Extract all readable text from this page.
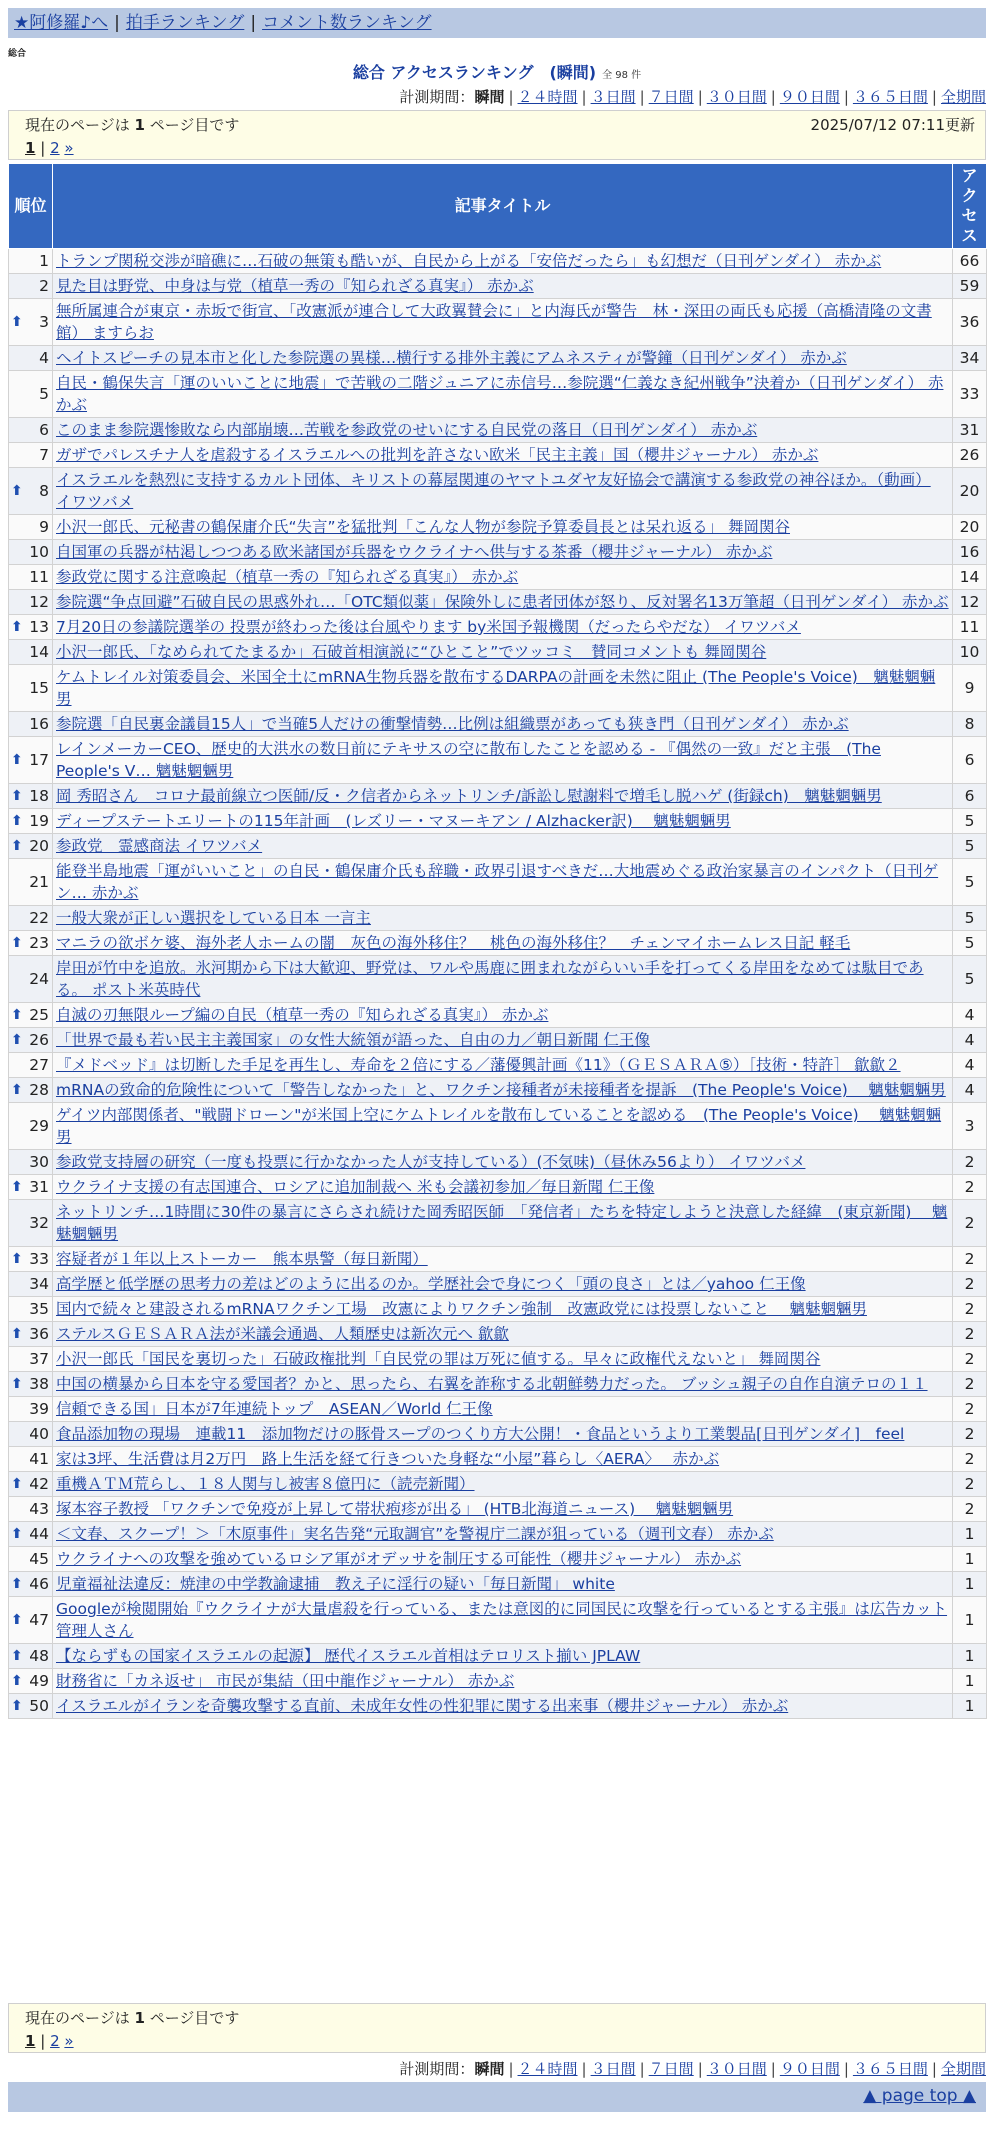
★阿修羅♪へ | 拍手ランキング | コメント数ランキング
総合
総合 アクセスランキング　(瞬間) 全 98 件
計測期間：瞬間 | ２４時間 | ３日間 | ７日間 | ３０日間 | ９０日間 | ３６５日間 | 全期間
現在のページは 1 ページ目です	2025/07/12 07:11更新
1 | 2 »
順位	記事タイトル	アクセス
1	トランプ関税交渉が暗礁に…石破の無策も酷いが、自民から上がる「安倍だったら」も幻想だ（日刊ゲンダイ） 赤かぶ	66
2	見た目は野党、中身は与党（植草一秀の『知られざる真実』） 赤かぶ	59

⬆ 3	無所属連合が東京・赤坂で街宣、「改憲派が連合して大政翼賛会に」と内海氏が警告　林・深田の両氏も応援（高橋清隆の文書館） ますらお	36
4	ヘイトスピーチの見本市と化した参院選の異様…横行する排外主義にアムネスティが警鐘（日刊ゲンダイ） 赤かぶ	34
5	自民・鶴保失言「運のいいことに地震」で苦戦の二階ジュニアに赤信号…参院選“仁義なき紀州戦争”決着か（日刊ゲンダイ） 赤かぶ	33
6	このまま参院選惨敗なら内部崩壊…苦戦を参政党のせいにする自民党の落日（日刊ゲンダイ） 赤かぶ	31
7	ガザでパレスチナ人を虐殺するイスラエルへの批判を許さない欧米「民主主義」国（櫻井ジャーナル） 赤かぶ	26

⬆ 8	イスラエルを熱烈に支持するカルト団体、キリストの幕屋関連のヤマトユダヤ友好協会で講演する参政党の神谷ほか。（動画） イワツバメ	20
9	小沢一郎氏、元秘書の鶴保庸介氏“失言”を猛批判「こんな人物が参院予算委員長とは呆れ返る」 舞岡関谷	20
10	自国軍の兵器が枯渇しつつある欧米諸国が兵器をウクライナへ供与する茶番（櫻井ジャーナル） 赤かぶ	16
11	参政党に関する注意喚起（植草一秀の『知られざる真実』） 赤かぶ	14
12	参院選“争点回避”石破自民の思惑外れ…「OTC類似薬」保険外しに患者団体が怒り、反対署名13万筆超（日刊ゲンダイ） 赤かぶ	12

⬆ 13	7月20日の参議院選挙の 投票が終わった後は台風やります by米国予報機関（だったらやだな） イワツバメ	11
14	小沢一郎氏、「なめられてたまるか」石破首相演説に“ひとこと”でツッコミ　賛同コメントも 舞岡関谷	10
15	ケムトレイル対策委員会、米国全土にmRNA生物兵器を散布するDARPAの計画を未然に阻止 (The People's Voice)　魑魅魍魎男	9
16	参院選「自民裏金議員15人」で当確5人だけの衝撃情勢…比例は組織票があっても狭き門（日刊ゲンダイ） 赤かぶ	8

⬆ 17	レインメーカーCEO、歴史的大洪水の数日前にテキサスの空に散布したことを認める - 『偶然の一致』だと主張　(The People's V… 魑魅魍魎男	6

⬆ 18	岡 秀昭さん　コロナ最前線立つ医師/反・ク信者からネットリンチ/訴訟し慰謝料で増毛し脱ハゲ (街録ch)　魑魅魍魎男	6

⬆ 19	ディープステートエリートの115年計画　(レズリー・マヌーキアン / Alzhacker訳)　 魑魅魍魎男	5

⬆ 20	参政党　霊感商法 イワツバメ	5
21	能登半島地震「運がいいこと」の自民・鶴保庸介氏も辞職・政界引退すべきだ…大地震めぐる政治家暴言のインパクト（日刊ゲン… 赤かぶ	5
22	一般大衆が正しい選択をしている日本 一言主	5

⬆ 23	マニラの欲ボケ婆、海外老人ホームの闇　灰色の海外移住？　桃色の海外移住？　チェンマイホームレス日記 軽毛	5
24	岸田が竹中を追放。氷河期から下は大歓迎、野党は、ワルや馬鹿に囲まれながらいい手を打ってくる岸田をなめては駄目である。 ポスト米英時代	5

⬆ 25	自滅の刃無限ループ編の自民（植草一秀の『知られざる真実』） 赤かぶ	4

⬆ 26	「世界で最も若い民主主義国家」の女性大統領が語った、自由の力／朝日新聞 仁王像	4
27	『メドベッド』は切断した手足を再生し、寿命を２倍にする／藩優興計画《11》（ＧＥＳＡＲＡ⑤）［技術・特許］ 歙歙２	4

⬆ 28	mRNAの致命的危険性について「警告しなかった」と、ワクチン接種者が未接種者を提訴　(The People's Voice)　 魑魅魍魎男	4
29	ゲイツ内部関係者、"戦闘ドローン"が米国上空にケムトレイルを散布していることを認める　(The People's Voice)　 魑魅魍魎男	3
30	参政党支持層の研究（一度も投票に行かなかった人が支持している）(不気味)（昼休み56より） イワツバメ	2

⬆ 31	ウクライナ支援の有志国連合、ロシアに追加制裁へ 米も会議初参加／毎日新聞 仁王像	2
32	ネットリンチ…1時間に30件の暴言にさらされ続けた岡秀昭医師　「発信者」たちを特定しようと決意した経緯　(東京新聞)　 魑魅魍魎男	2

⬆ 33	容疑者が１年以上ストーカー　熊本県警（毎日新聞）	2
34	高学歴と低学歴の思考力の差はどのように出るのか。学歴社会で身につく「頭の良さ」とは／yahoo 仁王像	2
35	国内で続々と建設されるmRNAワクチン工場　改憲によりワクチン強制　改憲政党には投票しないこと　 魑魅魍魎男	2

⬆ 36	ステルスＧＥＳＡＲＡ法が米議会通過、人類歴史は新次元へ 歙歙	2
37	小沢一郎氏「国民を裏切った」石破政権批判「自民党の罪は万死に値する。早々に政権代えないと」 舞岡関谷	2

⬆ 38	中国の横暴から日本を守る愛国者？かと、思ったら、右翼を詐称する北朝鮮勢力だった。 ブッシュ親子の自作自演テロの１１	2
39	信頼できる国」日本が7年連続トップ　ASEAN／World 仁王像	2
40	食品添加物の現場　連載11　添加物だけの豚骨スープのつくり方大公開！・食品というより工業製品[日刊ゲンダイ]　feel	2
41	家は3坪、生活費は月2万円　路上生活を経て行きついた身軽な“小屋”暮らし〈AERA〉　 赤かぶ	2

⬆ 42	重機ＡＴＭ荒らし、１８人関与し被害８億円に（読売新聞）	2
43	塚本容子教授 「ワクチンで免疫が上昇して帯状疱疹が出る」 (HTB北海道ニュース)　 魑魅魍魎男	2

⬆ 44	＜文春、スクープ！＞「木原事件」実名告発“元取調官”を警視庁二課が狙っている（週刊文春） 赤かぶ	1
45	ウクライナへの攻撃を強めているロシア軍がオデッサを制圧する可能性（櫻井ジャーナル） 赤かぶ	1

⬆ 46	児童福祉法違反：焼津の中学教諭逮捕　教え子に淫行の疑い「毎日新聞」 white	1

⬆ 47	Googleが検閲開始『ウクライナが大量虐殺を行っている、または意図的に同国民に攻撃を行っているとする主張』は広告カット 管理人さん	1

⬆ 48	【ならずもの国家イスラエルの起源】 歴代イスラエル首相はテロリスト揃い JPLAW	1

⬆ 49	財務省に「カネ返せ」 市民が集結（田中龍作ジャーナル） 赤かぶ	1

⬆ 50	イスラエルがイランを奇襲攻撃する直前、未成年女性の性犯罪に関する出来事（櫻井ジャーナル） 赤かぶ	1
現在のページは 1 ページ目です
1 | 2 »
計測期間：瞬間 | ２４時間 | ３日間 | ７日間 | ３０日間 | ９０日間 | ３６５日間 | 全期間
▲ page top ▲
